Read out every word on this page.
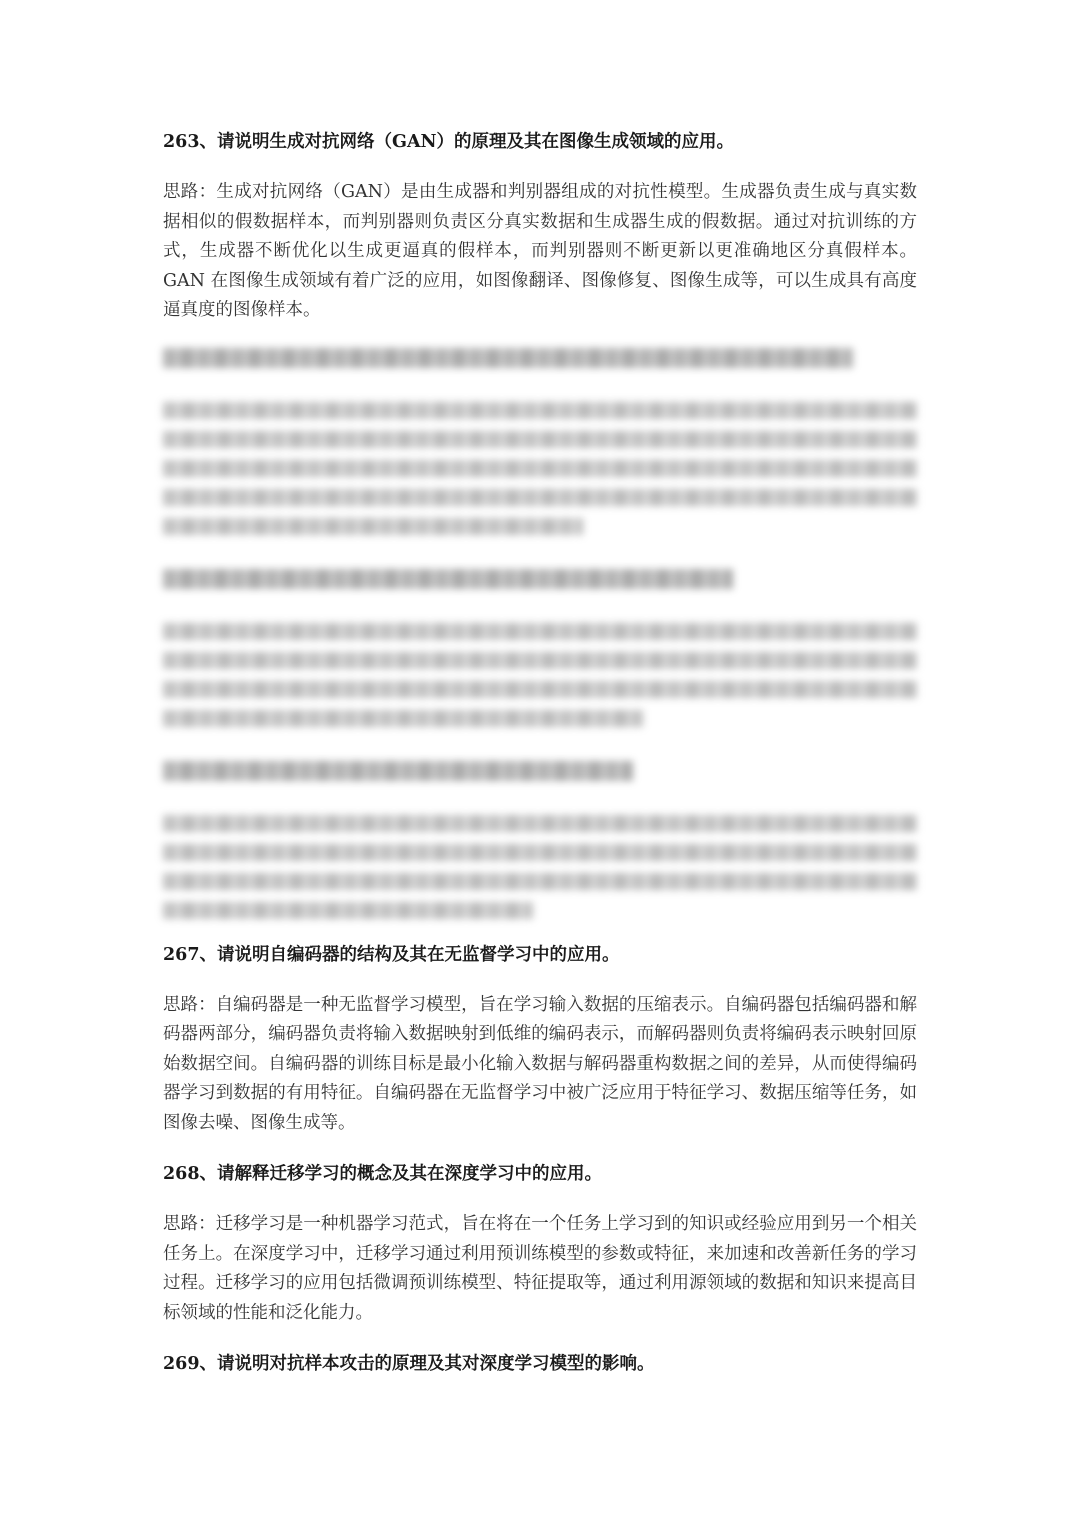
263、请说明生成对抗网络（GAN）的原理及其在图像生成领域的应用。
思路：生成对抗网络（GAN）是由生成器和判别器组成的对抗性模型。生成器负责生成与真实数据相似的假数据样本，而判别器则负责区分真实数据和生成器生成的假数据。通过对抗训练的方式，生成器不断优化以生成更逼真的假样本，而判别器则不断更新以更准确地区分真假样本。GAN 在图像生成领域有着广泛的应用，如图像翻译、图像修复、图像生成等，可以生成具有高度逼真度的图像样本。
267、请说明自编码器的结构及其在无监督学习中的应用。
思路：自编码器是一种无监督学习模型，旨在学习输入数据的压缩表示。自编码器包括编码器和解码器两部分，编码器负责将输入数据映射到低维的编码表示，而解码器则负责将编码表示映射回原始数据空间。自编码器的训练目标是最小化输入数据与解码器重构数据之间的差异，从而使得编码器学习到数据的有用特征。自编码器在无监督学习中被广泛应用于特征学习、数据压缩等任务，如图像去噪、图像生成等。
268、请解释迁移学习的概念及其在深度学习中的应用。
思路：迁移学习是一种机器学习范式，旨在将在一个任务上学习到的知识或经验应用到另一个相关任务上。在深度学习中，迁移学习通过利用预训练模型的参数或特征，来加速和改善新任务的学习过程。迁移学习的应用包括微调预训练模型、特征提取等，通过利用源领域的数据和知识来提高目标领域的性能和泛化能力。
269、请说明对抗样本攻击的原理及其对深度学习模型的影响。
